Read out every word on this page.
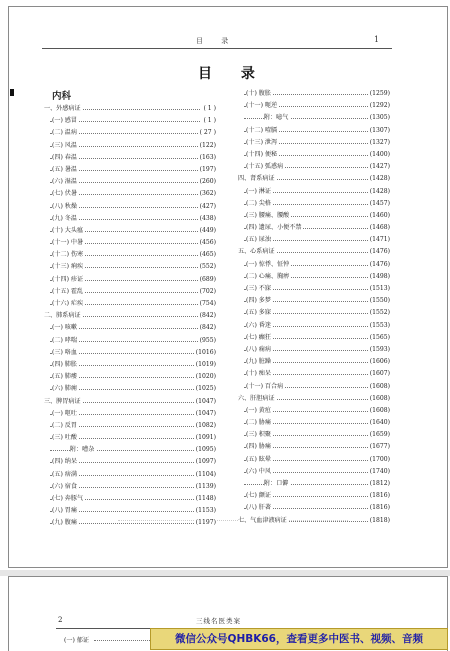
目 录	1
目 录
内科
一、外感病证	( 1 )
(一) 感冒	( 1 )
(二) 温病	( 27 )
(三) 风温	(122)
(四) 春温	(163)
(五) 暑温	(197)
(六) 湿温	(260)
(七) 伏暑	(362)
(八) 秋燥	(427)
(九) 冬温	(438)
(十) 大头瘟	(449)
(十一) 中暑	(456)
(十二) 伤寒	(465)
(十三) 痢疾	(552)
(十四) 疹证	(689)
(十五) 霍乱	(702)
(十六) 疟疾	(754)
二、肺系病证	(842)
(一) 咳嗽	(842)
(二) 哮喘	(955)
(三) 咯血	(1016)
(四) 肺胀	(1019)
(五) 肺痿	(1020)
(六) 肺痈	(1025)
三、脾胃病证	(1047)
(一) 呕吐	(1047)
(二) 反胃	(1082)
(三) 吐酸	(1091)
附：嘈杂	(1095)
(四) 纳呆	(1097)
(五) 痞满	(1104)
(六) 宿食	(1139)
(七) 奔豚气	(1148)
(八) 胃痛	(1153)
(九) 腹痛	(1197)
(十) 腹胀	(1259)
(十一) 呃逆	(1292)
附：噫气	(1305)
(十二) 噎膈	(1307)
(十三) 泄泻	(1327)
(十四) 便秘	(1400)
(十五) 弧惑病	(1427)
四、肾系病证	(1428)
(一) 淋证	(1428)
(二) 尖格	(1457)
(三) 腰痛、腰酸	(1460)
(四) 遗尿、小便不禁	(1468)
(五) 尿浊	(1471)
五、心系病证	(1476)
(一) 惊悸、怔忡	(1476)
(二) 心痛、胸痹	(1498)
(三) 不寐	(1513)
(四) 多梦	(1550)
(五) 多寐	(1552)
(六) 昏迷	(1553)
(七) 癫狂	(1565)
(八) 痫病	(1593)
(九) 脏躁	(1606)
(十) 痴呆	(1607)
(十一) 百合病	(1608)
六、肝胆病证	(1608)
(一) 黄疸	(1608)
(二) 胁痛	(1640)
(三) 积聚	(1659)
(四) 胁痛	(1677)
(五) 眩晕	(1700)
(六) 中风	(1740)
附：口僻	(1812)
(七) 颤证	(1816)
(八) 肝著	(1816)
七、气血津液病证	(1818)
2	三线名医类案
(一) 郁证	微信公众号QHBK66，查看更多中医书、视频、音频
